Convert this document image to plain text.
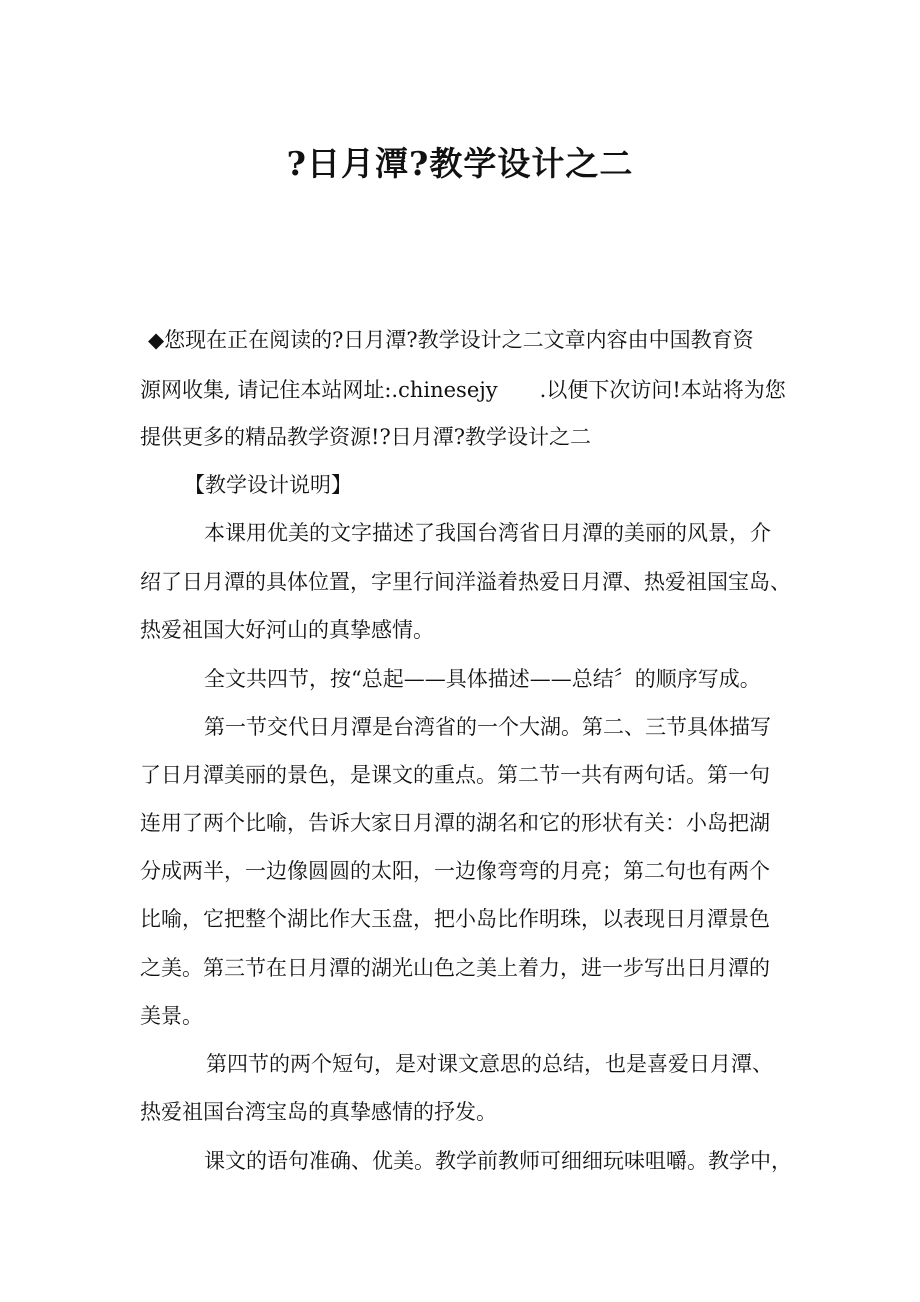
?日月潭?教学设计之二
◆您现在正在阅读的?日月潭?教学设计之二文章内容由中国教育资
源网收集, 请记住本站网址:.chinesejy .以便下次访问!本站将为您
提供更多的精品教学资源!?日月潭?教学设计之二
【教学设计说明】
本课用优美的文字描述了我国台湾省日月潭的美丽的风景，介
绍了日月潭的具体位置，字里行间洋溢着热爱日月潭、热爱祖国宝岛、
热爱祖国大好河山的真挚感情。
全文共四节，按“总起——具体描述——总结〞的顺序写成。
第一节交代日月潭是台湾省的一个大湖。第二、三节具体描写
了日月潭美丽的景色，是课文的重点。第二节一共有两句话。第一句
连用了两个比喻，告诉大家日月潭的湖名和它的形状有关：小岛把湖
分成两半，一边像圆圆的太阳，一边像弯弯的月亮；第二句也有两个
比喻，它把整个湖比作大玉盘，把小岛比作明珠，以表现日月潭景色
之美。第三节在日月潭的湖光山色之美上着力，进一步写出日月潭的
美景。
第四节的两个短句，是对课文意思的总结，也是喜爱日月潭、
热爱祖国台湾宝岛的真挚感情的抒发。
课文的语句准确、优美。教学前教师可细细玩味咀嚼。教学中，
